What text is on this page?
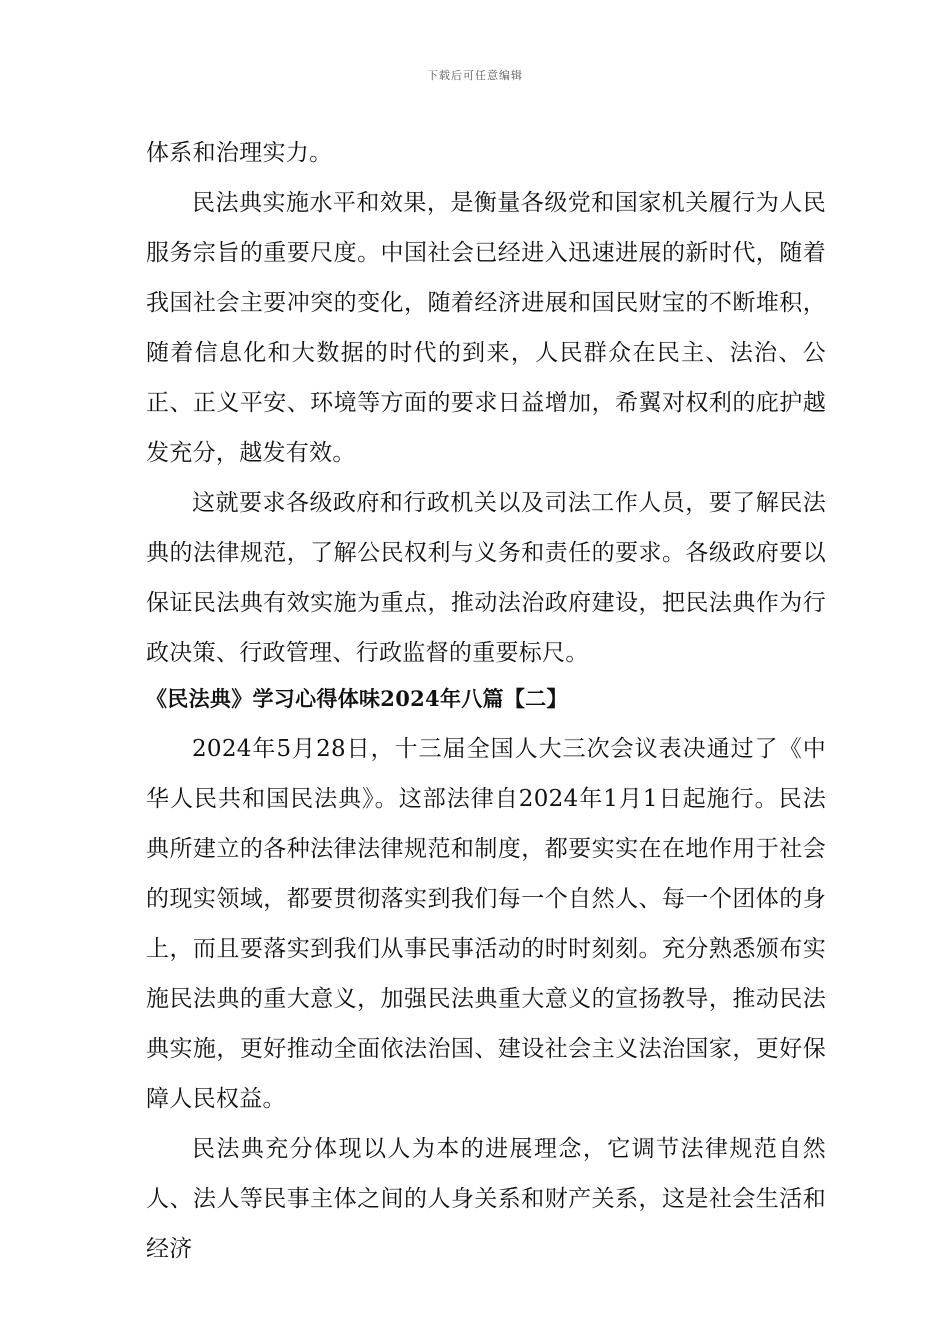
下载后可任意编辑

体系和治理实力。

民法典实施水平和效果，是衡量各级党和国家机关履行为人民服务宗旨的重要尺度。中国社会已经进入迅速进展的新时代，随着我国社会主要冲突的变化，随着经济进展和国民财宝的不断堆积，随着信息化和大数据的时代的到来，人民群众在民主、法治、公正、正义平安、环境等方面的要求日益增加，希翼对权利的庇护越发充分，越发有效。

这就要求各级政府和行政机关以及司法工作人员，要了解民法典的法律规范，了解公民权利与义务和责任的要求。各级政府要以保证民法典有效实施为重点，推动法治政府建设，把民法典作为行政决策、行政管理、行政监督的重要标尺。

《民法典》学习心得体味2024年八篇【二】

2024年5月28日，十三届全国人大三次会议表决通过了《中华人民共和国民法典》。这部法律自2024年1月1日起施行。民法典所建立的各种法律法律规范和制度，都要实实在在地作用于社会的现实领域，都要贯彻落实到我们每一个自然人、每一个团体的身上，而且要落实到我们从事民事活动的时时刻刻。充分熟悉颁布实施民法典的重大意义，加强民法典重大意义的宣扬教导，推动民法典实施，更好推动全面依法治国、建设社会主义法治国家，更好保障人民权益。

民法典充分体现以人为本的进展理念，它调节法律规范自然人、法人等民事主体之间的人身关系和财产关系，这是社会生活和经济
